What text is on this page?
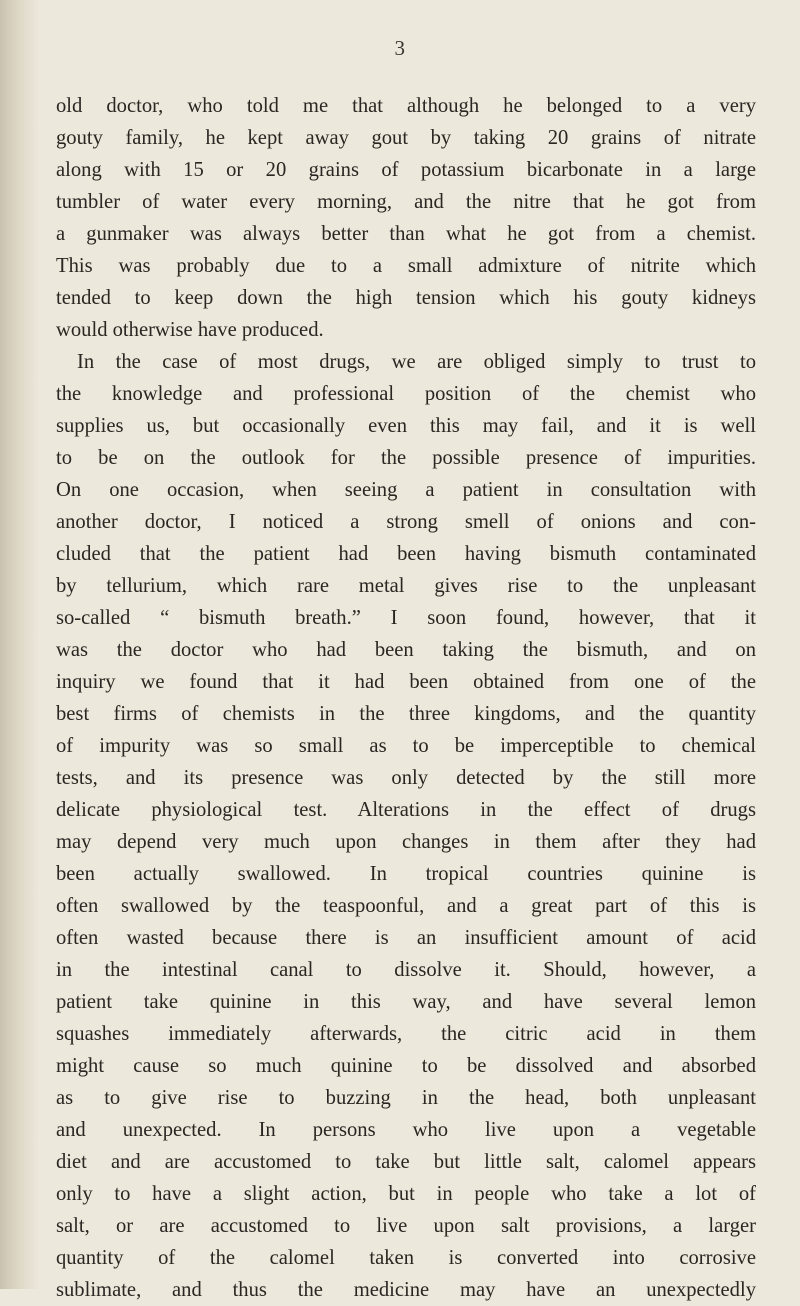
3
old doctor, who told me that although he belonged to a very
gouty family, he kept away gout by taking 20 grains of nitrate
along with 15 or 20 grains of potassium bicarbonate in a large
tumbler of water every morning, and the nitre that he got from
a gunmaker was always better than what he got from a chemist.
This was probably due to a small admixture of nitrite which
tended to keep down the high tension which his gouty kidneys
would otherwise have produced.
In the case of most drugs, we are obliged simply to trust to
the knowledge and professional position of the chemist who
supplies us, but occasionally even this may fail, and it is well
to be on the outlook for the possible presence of impurities.
On one occasion, when seeing a patient in consultation with
another doctor, I noticed a strong smell of onions and con-
cluded that the patient had been having bismuth contaminated
by tellurium, which rare metal gives rise to the unpleasant
so-called “ bismuth breath.” I soon found, however, that it
was the doctor who had been taking the bismuth, and on
inquiry we found that it had been obtained from one of the
best firms of chemists in the three kingdoms, and the quantity
of impurity was so small as to be imperceptible to chemical
tests, and its presence was only detected by the still more
delicate physiological test. Alterations in the effect of drugs
may depend very much upon changes in them after they had
been actually swallowed. In tropical countries quinine is
often swallowed by the teaspoonful, and a great part of this is
often wasted because there is an insufficient amount of acid
in the intestinal canal to dissolve it. Should, however, a
patient take quinine in this way, and have several lemon
squashes immediately afterwards, the citric acid in them
might cause so much quinine to be dissolved and absorbed
as to give rise to buzzing in the head, both unpleasant
and unexpected. In persons who live upon a vegetable
diet and are accustomed to take but little salt, calomel appears
only to have a slight action, but in people who take a lot of
salt, or are accustomed to live upon salt provisions, a larger
quantity of the calomel taken is converted into corrosive
sublimate, and thus the medicine may have an unexpectedly
